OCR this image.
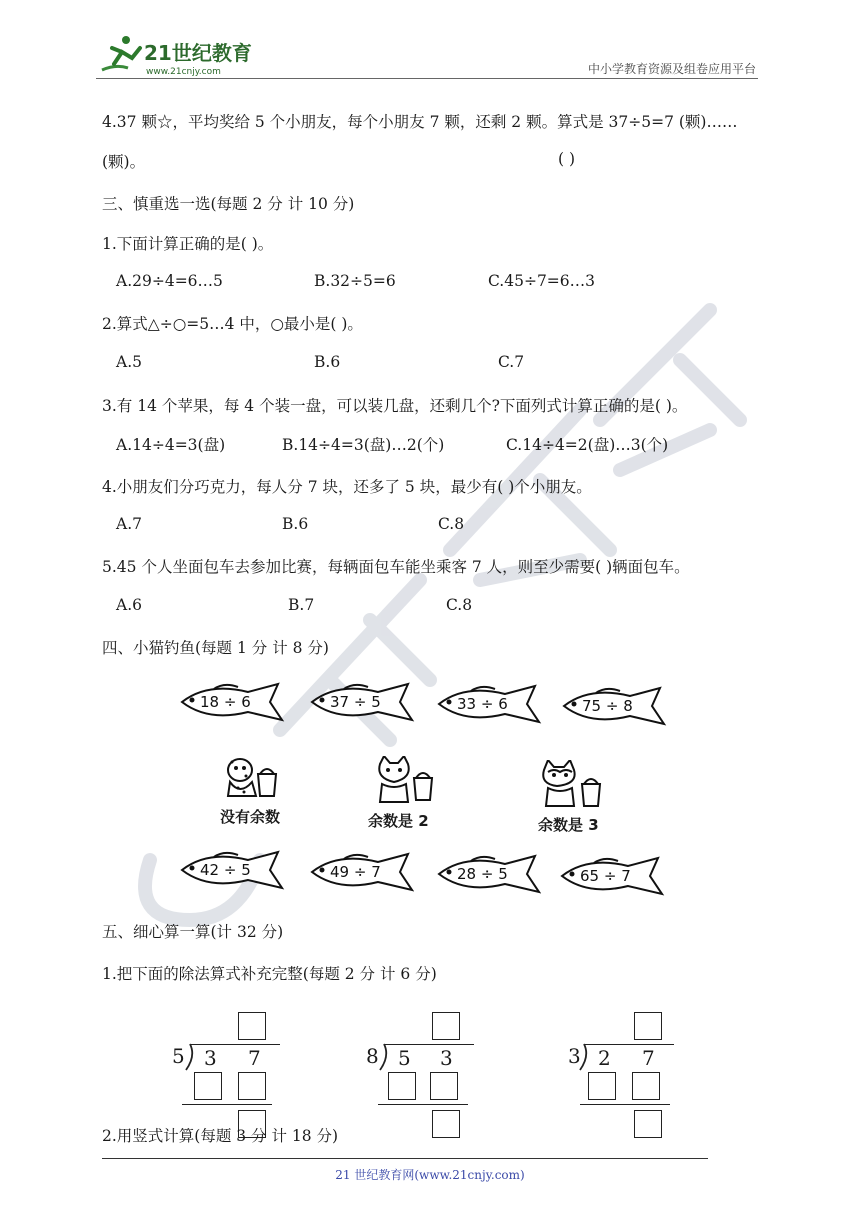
21世纪教育
www.21cnjy.com	中小学教育资源及组卷应用平台
4.37 颗☆，平均奖给 5 个小朋友，每个小朋友 7 颗，还剩 2 颗。算式是 37÷5=7 (颗)……
(颗)。	( )
三、慎重选一选(每题 2 分 计 10 分)
1.下面计算正确的是( )。
A.29÷4=6…5	B.32÷5=6	C.45÷7=6…3
2.算式△÷○=5…4 中，○最小是( )。
A.5	B.6	C.7
3.有 14 个苹果，每 4 个装一盘，可以装几盘，还剩几个?下面列式计算正确的是( )。
A.14÷4=3(盘)	B.14÷4=3(盘)…2(个)	C.14÷4=2(盘)…3(个)
4.小朋友们分巧克力，每人分 7 块，还多了 5 块，最少有( )个小朋友。
A.7	B.6	C.8
5.45 个人坐面包车去参加比赛，每辆面包车能坐乘客 7 人，则至少需要( )辆面包车。
A.6	B.7	C.8
四、小猫钓鱼(每题 1 分 计 8 分)
18 ÷ 6	37 ÷ 5	33 ÷ 6	75 ÷ 8
没有余数	余数是 2	余数是 3
42 ÷ 5	49 ÷ 7	28 ÷ 5	65 ÷ 7
五、细心算一算(计 32 分)
1.把下面的除法算式补充完整(每题 2 分 计 6 分)
5 3 7	8 5 3	3 2 7
2.用竖式计算(每题 3 分 计 18 分)
21 世纪教育网(www.21cnjy.com)
